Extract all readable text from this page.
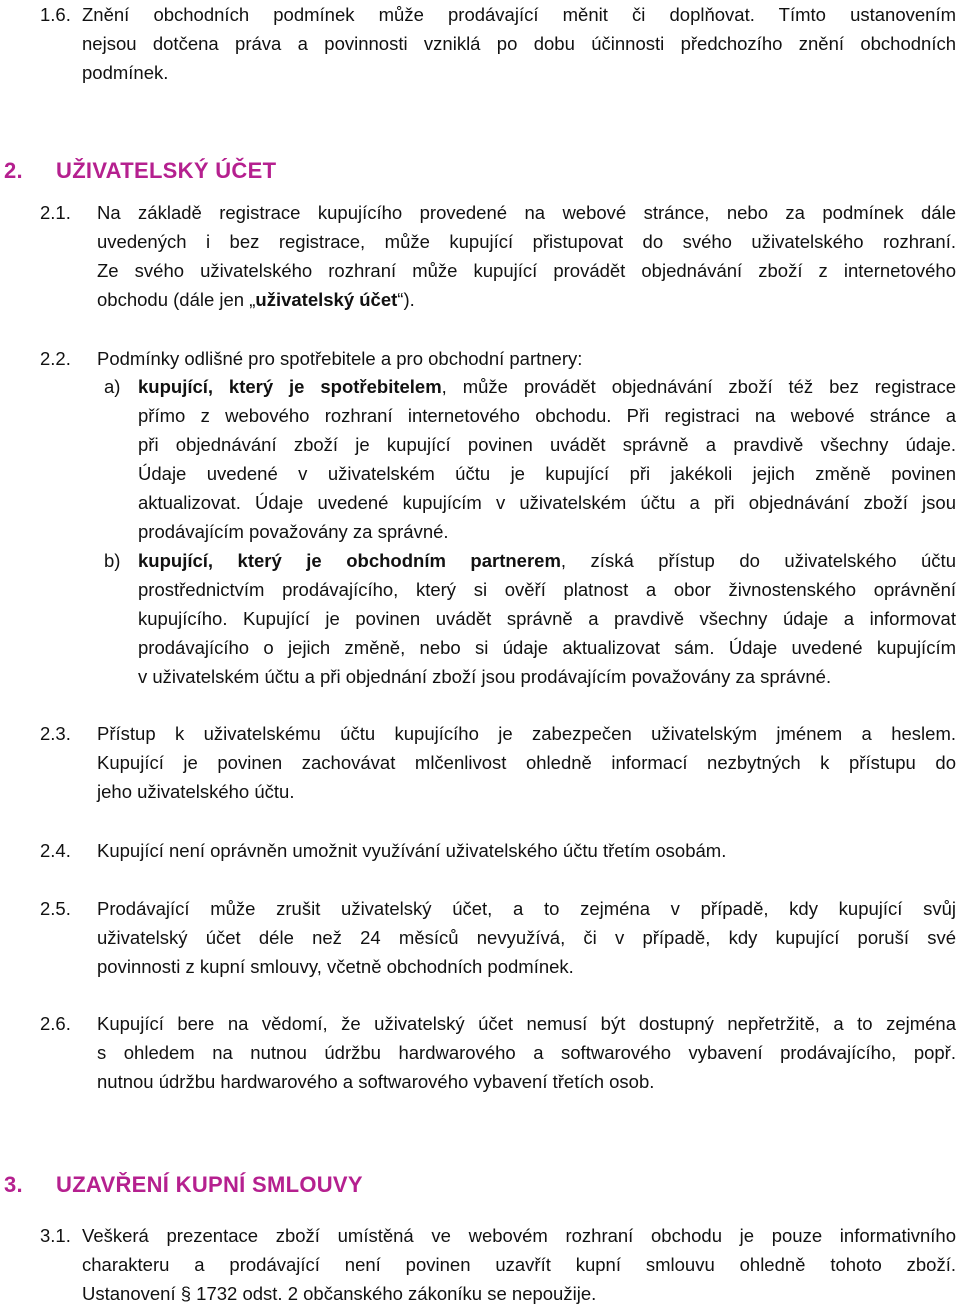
1.6. Znění obchodních podmínek může prodávající měnit či doplňovat. Tímto ustanovením
nejsou dotčena práva a povinnosti vzniklá po dobu účinnosti předchozího znění obchodních
podmínek.
2. UŽIVATELSKÝ ÚČET
2.1. Na základě registrace kupujícího provedené na webové stránce, nebo za podmínek dále
uvedených i bez registrace, může kupující přistupovat do svého uživatelského rozhraní.
Ze svého uživatelského rozhraní může kupující provádět objednávání zboží z internetového
obchodu (dále jen „uživatelský účet“).
2.2. Podmínky odlišné pro spotřebitele a pro obchodní partnery:
a) kupující, který je spotřebitelem, může provádět objednávání zboží též bez registrace
přímo z webového rozhraní internetového obchodu. Při registraci na webové stránce a
při objednávání zboží je kupující povinen uvádět správně a pravdivě všechny údaje.
Údaje uvedené v uživatelském účtu je kupující při jakékoli jejich změně povinen
aktualizovat. Údaje uvedené kupujícím v uživatelském účtu a při objednávání zboží jsou
prodávajícím považovány za správné.
b) kupující, který je obchodním partnerem, získá přístup do uživatelského účtu
prostřednictvím prodávajícího, který si ověří platnost a obor živnostenského oprávnění
kupujícího. Kupující je povinen uvádět správně a pravdivě všechny údaje a informovat
prodávajícího o jejich změně, nebo si údaje aktualizovat sám. Údaje uvedené kupujícím
v uživatelském účtu a při objednání zboží jsou prodávajícím považovány za správné.
2.3. Přístup k uživatelskému účtu kupujícího je zabezpečen uživatelským jménem a heslem.
Kupující je povinen zachovávat mlčenlivost ohledně informací nezbytných k přístupu do
jeho uživatelského účtu.
2.4. Kupující není oprávněn umožnit využívání uživatelského účtu třetím osobám.
2.5. Prodávající může zrušit uživatelský účet, a to zejména v případě, kdy kupující svůj
uživatelský účet déle než 24 měsíců nevyužívá, či v případě, kdy kupující poruší své
povinnosti z kupní smlouvy, včetně obchodních podmínek.
2.6. Kupující bere na vědomí, že uživatelský účet nemusí být dostupný nepřetržitě, a to zejména
s ohledem na nutnou údržbu hardwarového a softwarového vybavení prodávajícího, popř.
nutnou údržbu hardwarového a softwarového vybavení třetích osob.
3. UZAVŘENÍ KUPNÍ SMLOUVY
3.1. Veškerá prezentace zboží umístěná ve webovém rozhraní obchodu je pouze informativního
charakteru a prodávající není povinen uzavřít kupní smlouvu ohledně tohoto zboží.
Ustanovení § 1732 odst. 2 občanského zákoníku se nepoužije.
